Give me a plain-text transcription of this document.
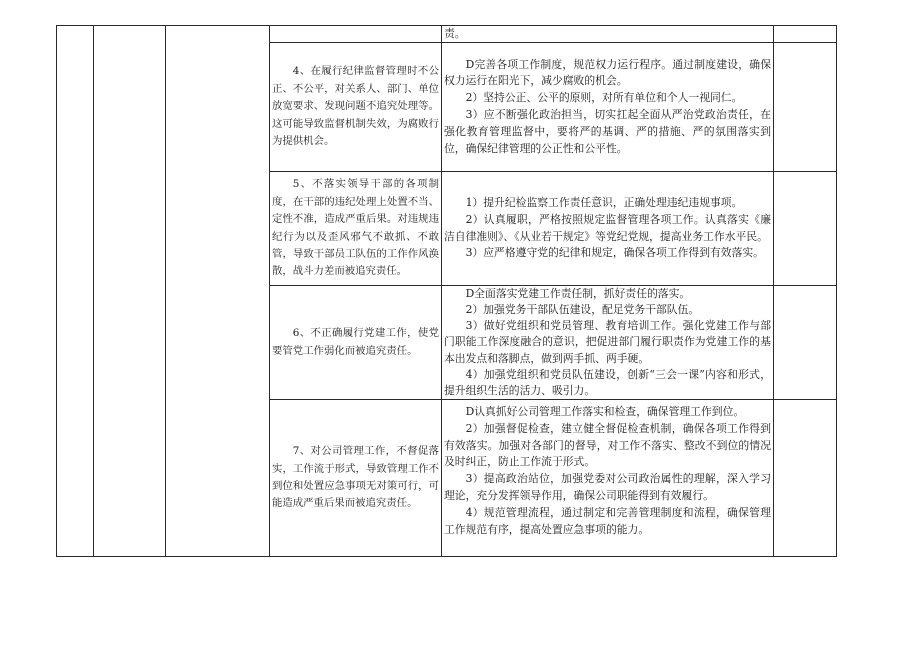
责。

4、在履行纪律监督管理时不公正、不公平，对关系人、部门、单位放宽要求、发现问题不追究处理等。这可能导致监督机制失效，为腐败行为提供机会。

D完善各项工作制度，规范权力运行程序。通过制度建设，确保权力运行在阳光下，减少腐败的机会。

2）坚持公正、公平的原则，对所有单位和个人一视同仁。

3）应不断强化政治担当，切实扛起全面从严治党政治责任，在强化教育管理监督中，要将严的基调、严的措施、严的氛围落实到位，确保纪律管理的公正性和公平性。

5、不落实领导干部的各项制度，在干部的违纪处理上处置不当、定性不准，造成严重后果。对违规违纪行为以及歪风邪气不敢抓、不敢管，导致干部员工队伍的工作作风涣散，战斗力差而被追究责任。

1）提升纪检监察工作责任意识，正确处理违纪违规事项。

2）认真履职，严格按照规定监督管理各项工作。认真落实《廉洁自律准则》、《从业若干规定》等党纪党规，提高业务工作水平民。

3）应严格遵守党的纪律和规定，确保各项工作得到有效落实。

6、不正确履行党建工作，使党要管党工作弱化而被追究责任。

D全面落实党建工作责任制，抓好责任的落实。

2）加强党务干部队伍建设，配足党务干部队伍。

3）做好党组织和党员管理、教育培训工作。强化党建工作与部门职能工作深度融合的意识，把促进部门履行职责作为党建工作的基本出发点和落脚点，做到两手抓、两手硬。

4）加强党组织和党员队伍建设，创新“三会一课”内容和形式，提升组织生活的活力、吸引力。

7、对公司管理工作，不督促落实，工作流于形式，导致管理工作不到位和处置应急事项无对策可行，可能造成严重后果而被追究责任。

D认真抓好公司管理工作落实和检查，确保管理工作到位。

2）加强督促检查，建立健全督促检查机制，确保各项工作得到有效落实。加强对各部门的督导，对工作不落实、整改不到位的情况及时纠正，防止工作流于形式。

3）提高政治站位，加强党委对公司政治属性的理解，深入学习理论，充分发挥领导作用，确保公司职能得到有效履行。

4）规范管理流程，通过制定和完善管理制度和流程，确保管理工作规范有序，提高处置应急事项的能力。
